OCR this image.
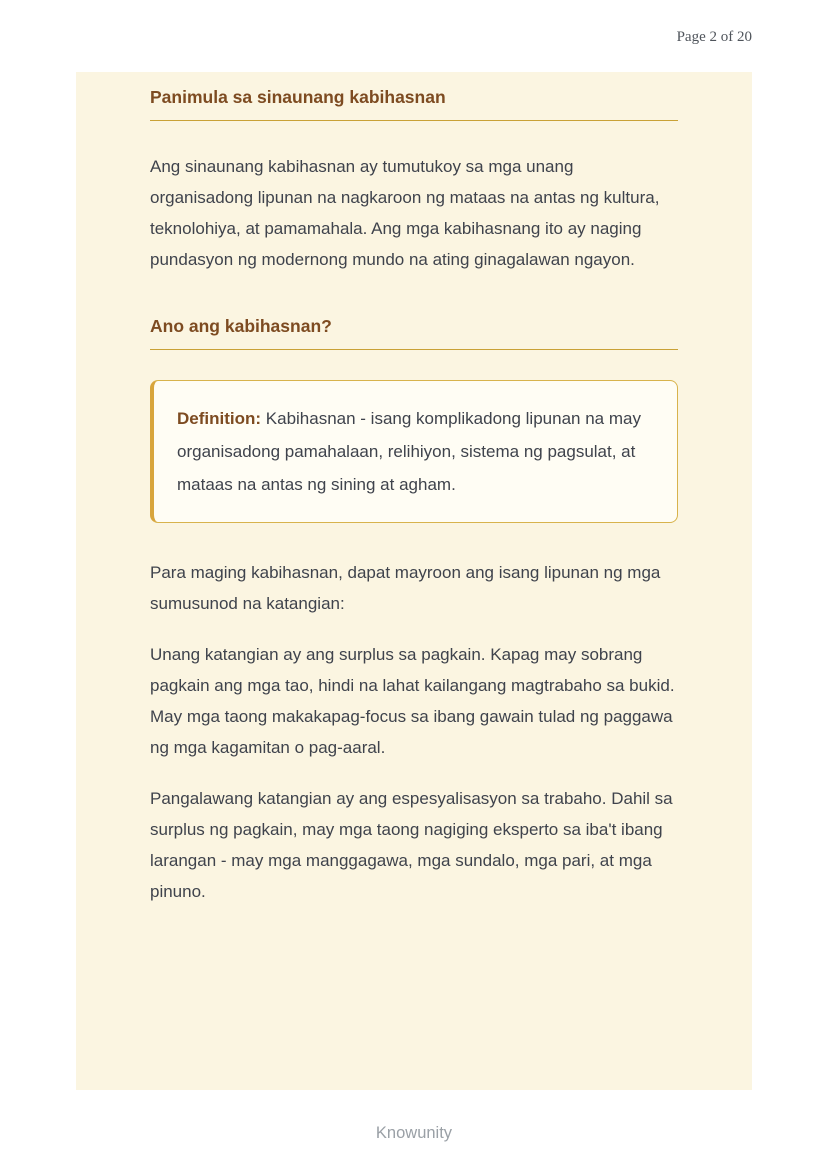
Page 2 of 20
Panimula sa sinaunang kabihasnan

Ang sinaunang kabihasnan ay tumutukoy sa mga unang organisadong lipunan na nagkaroon ng mataas na antas ng kultura, teknolohiya, at pamamahala. Ang mga kabihasnang ito ay naging pundasyon ng modernong mundo na ating ginagalawan ngayon.

Ano ang kabihasnan?

Definition: Kabihasnan - isang komplikadong lipunan na may organisadong pamahalaan, relihiyon, sistema ng pagsulat, at mataas na antas ng sining at agham.

Para maging kabihasnan, dapat mayroon ang isang lipunan ng mga sumusunod na katangian:

Unang katangian ay ang surplus sa pagkain. Kapag may sobrang pagkain ang mga tao, hindi na lahat kailangang magtrabaho sa bukid. May mga taong makakapag-focus sa ibang gawain tulad ng paggawa ng mga kagamitan o pag-aaral.

Pangalawang katangian ay ang espesyalisasyon sa trabaho. Dahil sa surplus ng pagkain, may mga taong nagiging eksperto sa iba't ibang larangan - may mga manggagawa, mga sundalo, mga pari, at mga pinuno.

Knowunity
